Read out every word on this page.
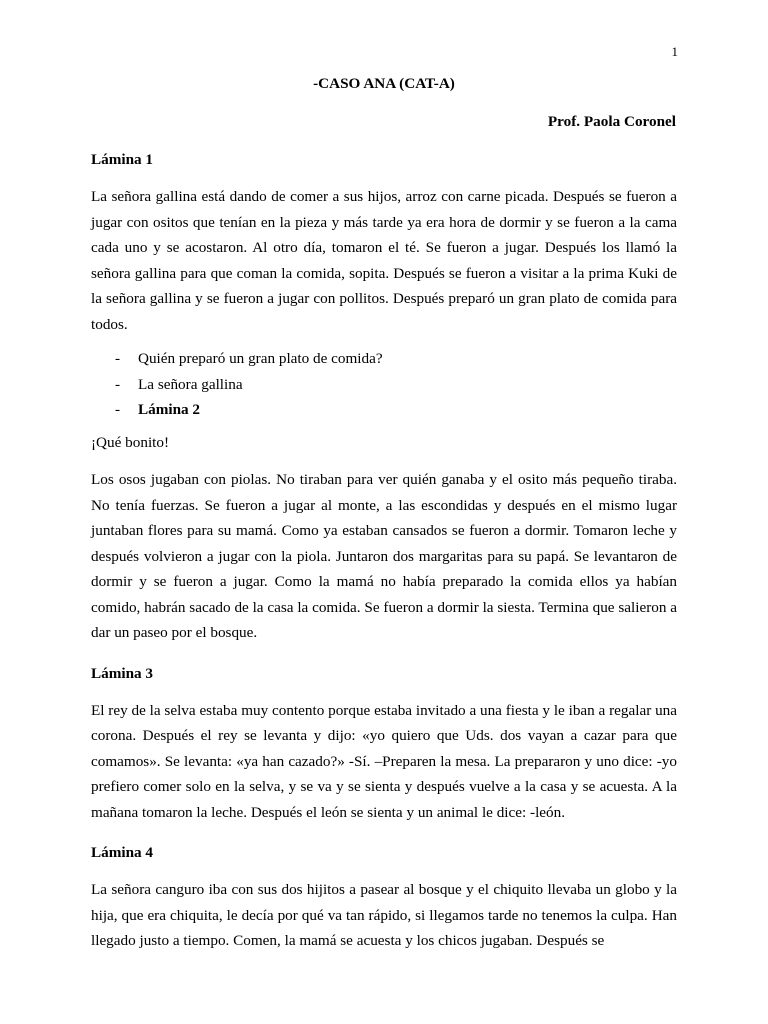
1
-CASO ANA (CAT-A)
Prof. Paola Coronel
Lámina 1
La señora gallina está dando de comer a sus hijos, arroz con carne picada. Después se fueron a jugar con ositos que tenían en la pieza y más tarde ya era hora de dormir y se fueron a la cama cada uno y se acostaron. Al otro día, tomaron el té. Se fueron a jugar. Después los llamó la señora gallina para que coman la comida, sopita. Después se fueron a visitar a la prima Kuki de la señora gallina y se fueron a jugar con pollitos. Después preparó un gran plato de comida para todos.
- Quién preparó un gran plato de comida?
- La señora gallina
- Lámina 2
¡Qué bonito!
Los osos jugaban con piolas. No tiraban para ver quién ganaba y el osito más pequeño tiraba. No tenía fuerzas. Se fueron a jugar al monte, a las escondidas y después en el mismo lugar juntaban flores para su mamá. Como ya estaban cansados se fueron a dormir. Tomaron leche y después volvieron a jugar con la piola. Juntaron dos margaritas para su papá. Se levantaron de dormir y se fueron a jugar. Como la mamá no había preparado la comida ellos ya habían comido, habrán sacado de la casa la comida. Se fueron a dormir la siesta. Termina que salieron a dar un paseo por el bosque.
Lámina 3
El rey de la selva estaba muy contento porque estaba invitado a una fiesta y le iban a regalar una corona. Después el rey se levanta y dijo: «yo quiero que Uds. dos vayan a cazar para que comamos». Se levanta: «ya han cazado?» -Sí. –Preparen la mesa. La prepararon y uno dice: -yo prefiero comer solo en la selva, y se va y se sienta y después vuelve a la casa y se acuesta. A la mañana tomaron la leche. Después el león se sienta y un animal le dice: -león.
Lámina 4
La señora canguro iba con sus dos hijitos a pasear al bosque y el chiquito llevaba un globo y la hija, que era chiquita, le decía por qué va tan rápido, si llegamos tarde no tenemos la culpa. Han llegado justo a tiempo. Comen, la mamá se acuesta y los chicos jugaban. Después se
